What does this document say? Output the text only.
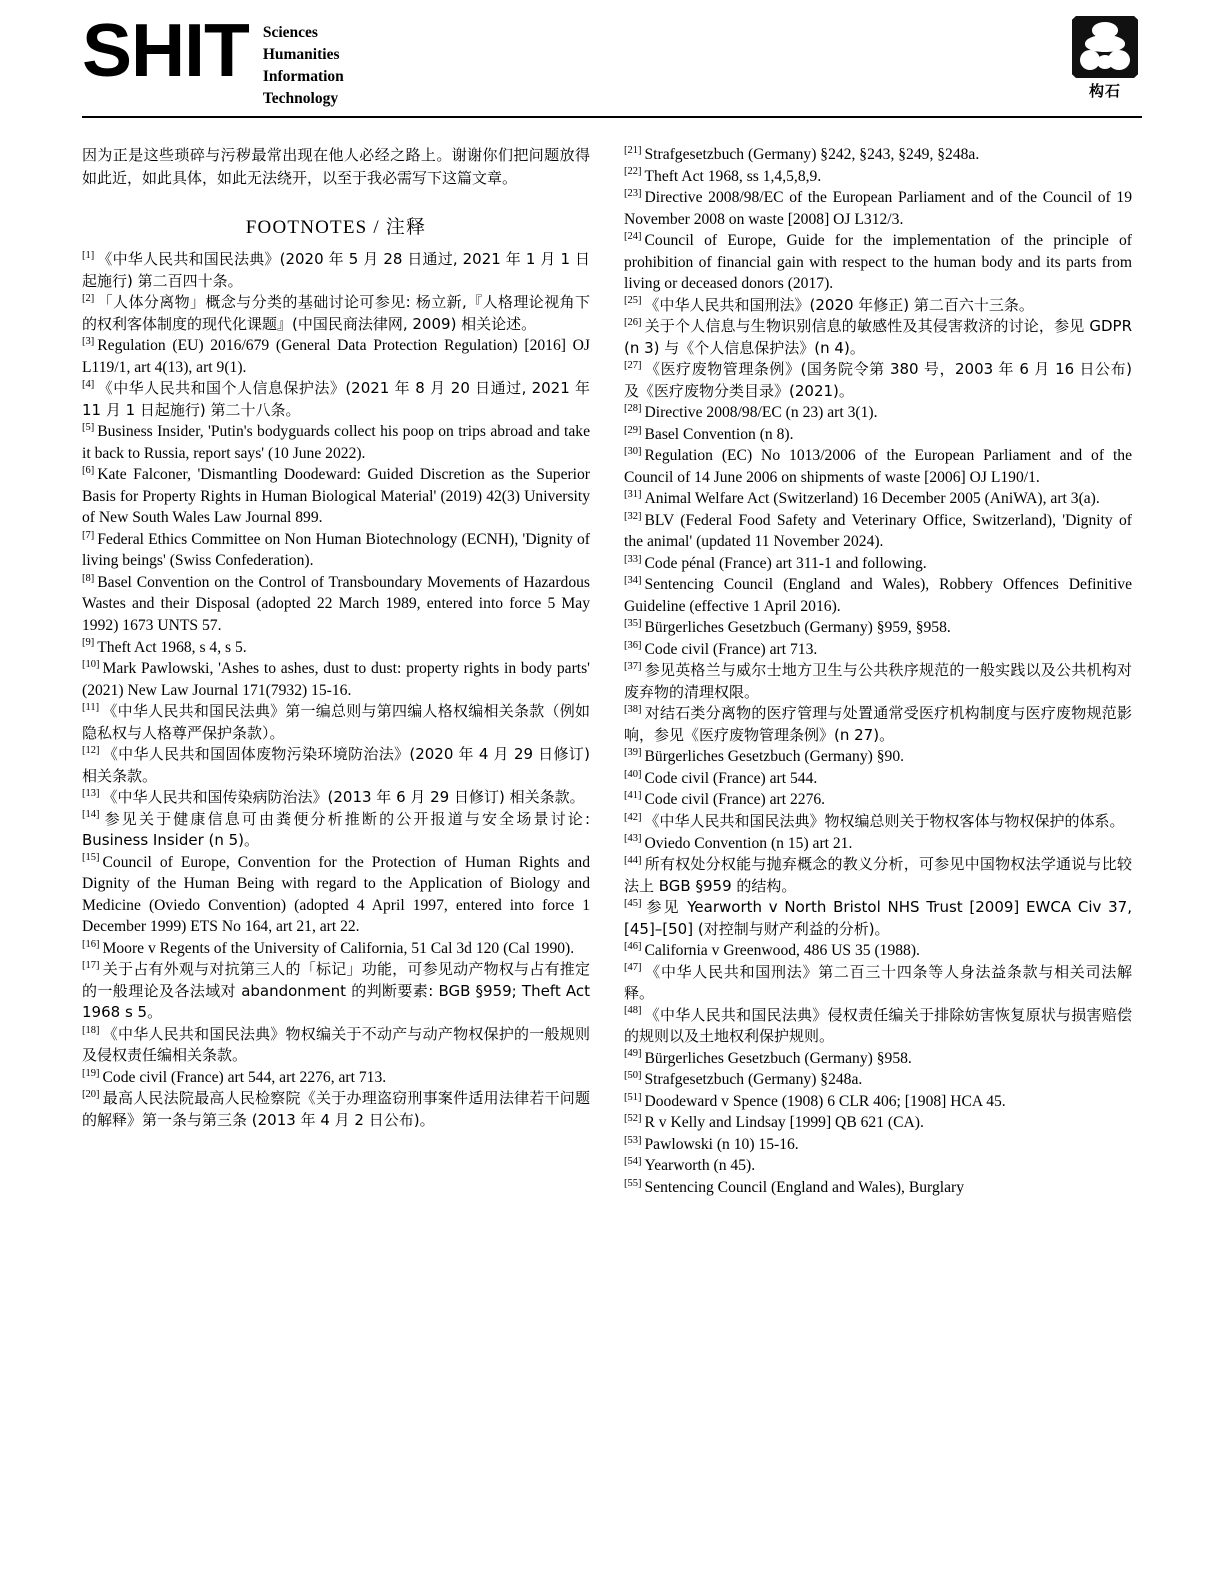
SHIT Sciences
Humanities
Information
Technology	构石

因为正是这些琐碎与污秽最常出现在他人必经之路上。谢谢你们把问题放得如此近，如此具体，如此无法绕开，以至于我必需写下这篇文章。

FOOTNOTES / 注释

[1] 《中华人民共和国民法典》(2020 年 5 月 28 日通过, 2021 年 1 月 1 日起施行) 第二百四十条。

[2] 「人体分离物」概念与分类的基础讨论可参见: 杨立新,『人格理论视角下的权利客体制度的现代化课题』(中国民商法律网, 2009) 相关论述。

[3] Regulation (EU) 2016/679 (General Data Protection Regulation) [2016] OJ L119/1, art 4(13), art 9(1).

[4] 《中华人民共和国个人信息保护法》(2021 年 8 月 20 日通过, 2021 年 11 月 1 日起施行) 第二十八条。

[5] Business Insider, 'Putin's bodyguards collect his poop on trips abroad and take it back to Russia, report says' (10 June 2022).

[6] Kate Falconer, 'Dismantling Doodeward: Guided Discretion as the Superior Basis for Property Rights in Human Biological Material' (2019) 42(3) University of New South Wales Law Journal 899.

[7] Federal Ethics Committee on Non Human Biotechnology (ECNH), 'Dignity of living beings' (Swiss Confederation).

[8] Basel Convention on the Control of Transboundary Movements of Hazardous Wastes and their Disposal (adopted 22 March 1989, entered into force 5 May 1992) 1673 UNTS 57.

[9] Theft Act 1968, s 4, s 5.

[10] Mark Pawlowski, 'Ashes to ashes, dust to dust: property rights in body parts' (2021) New Law Journal 171(7932) 15-16.

[11] 《中华人民共和国民法典》第一编总则与第四编人格权编相关条款（例如隐私权与人格尊严保护条款）。

[12] 《中华人民共和国固体废物污染环境防治法》(2020 年 4 月 29 日修订) 相关条款。

[13] 《中华人民共和国传染病防治法》(2013 年 6 月 29 日修订) 相关条款。

[14] 参见关于健康信息可由粪便分析推断的公开报道与安全场景讨论: Business Insider (n 5)。

[15] Council of Europe, Convention for the Protection of Human Rights and Dignity of the Human Being with regard to the Application of Biology and Medicine (Oviedo Convention) (adopted 4 April 1997, entered into force 1 December 1999) ETS No 164, art 21, art 22.

[16] Moore v Regents of the University of California, 51 Cal 3d 120 (Cal 1990).

[17] 关于占有外观与对抗第三人的「标记」功能，可参见动产物权与占有推定的一般理论及各法域对 abandonment 的判断要素: BGB §959; Theft Act 1968 s 5。

[18] 《中华人民共和国民法典》物权编关于不动产与动产物权保护的一般规则及侵权责任编相关条款。

[19] Code civil (France) art 544, art 2276, art 713.

[20] 最高人民法院最高人民检察院《关于办理盗窃刑事案件适用法律若干问题的解释》第一条与第三条 (2013 年 4 月 2 日公布)。

[21] Strafgesetzbuch (Germany) §242, §243, §249, §248a.

[22] Theft Act 1968, ss 1,4,5,8,9.

[23] Directive 2008/98/EC of the European Parliament and of the Council of 19 November 2008 on waste [2008] OJ L312/3.

[24] Council of Europe, Guide for the implementation of the principle of prohibition of financial gain with respect to the human body and its parts from living or deceased donors (2017).

[25] 《中华人民共和国刑法》(2020 年修正) 第二百六十三条。

[26] 关于个人信息与生物识别信息的敏感性及其侵害救济的讨论，参见 GDPR (n 3) 与《个人信息保护法》(n 4)。

[27] 《医疗废物管理条例》(国务院令第 380 号，2003 年 6 月 16 日公布) 及《医疗废物分类目录》(2021)。

[28] Directive 2008/98/EC (n 23) art 3(1).

[29] Basel Convention (n 8).

[30] Regulation (EC) No 1013/2006 of the European Parliament and of the Council of 14 June 2006 on shipments of waste [2006] OJ L190/1.

[31] Animal Welfare Act (Switzerland) 16 December 2005 (AniWA), art 3(a).

[32] BLV (Federal Food Safety and Veterinary Office, Switzerland), 'Dignity of the animal' (updated 11 November 2024).

[33] Code pénal (France) art 311-1 and following.

[34] Sentencing Council (England and Wales), Robbery Offences Definitive Guideline (effective 1 April 2016).

[35] Bürgerliches Gesetzbuch (Germany) §959, §958.

[36] Code civil (France) art 713.

[37] 参见英格兰与威尔士地方卫生与公共秩序规范的一般实践以及公共机构对废弃物的清理权限。

[38] 对结石类分离物的医疗管理与处置通常受医疗机构制度与医疗废物规范影响，参见《医疗废物管理条例》(n 27)。

[39] Bürgerliches Gesetzbuch (Germany) §90.

[40] Code civil (France) art 544.

[41] Code civil (France) art 2276.

[42] 《中华人民共和国民法典》物权编总则关于物权客体与物权保护的体系。

[43] Oviedo Convention (n 15) art 21.

[44] 所有权处分权能与抛弃概念的教义分析，可参见中国物权法学通说与比较法上 BGB §959 的结构。

[45] 参见 Yearworth v North Bristol NHS Trust [2009] EWCA Civ 37, [45]–[50] (对控制与财产利益的分析)。

[46] California v Greenwood, 486 US 35 (1988).

[47] 《中华人民共和国刑法》第二百三十四条等人身法益条款与相关司法解释。

[48] 《中华人民共和国民法典》侵权责任编关于排除妨害恢复原状与损害赔偿的规则以及土地权利保护规则。

[49] Bürgerliches Gesetzbuch (Germany) §958.

[50] Strafgesetzbuch (Germany) §248a.

[51] Doodeward v Spence (1908) 6 CLR 406; [1908] HCA 45.

[52] R v Kelly and Lindsay [1999] QB 621 (CA).

[53] Pawlowski (n 10) 15-16.

[54] Yearworth (n 45).

[55] Sentencing Council (England and Wales), Burglary
